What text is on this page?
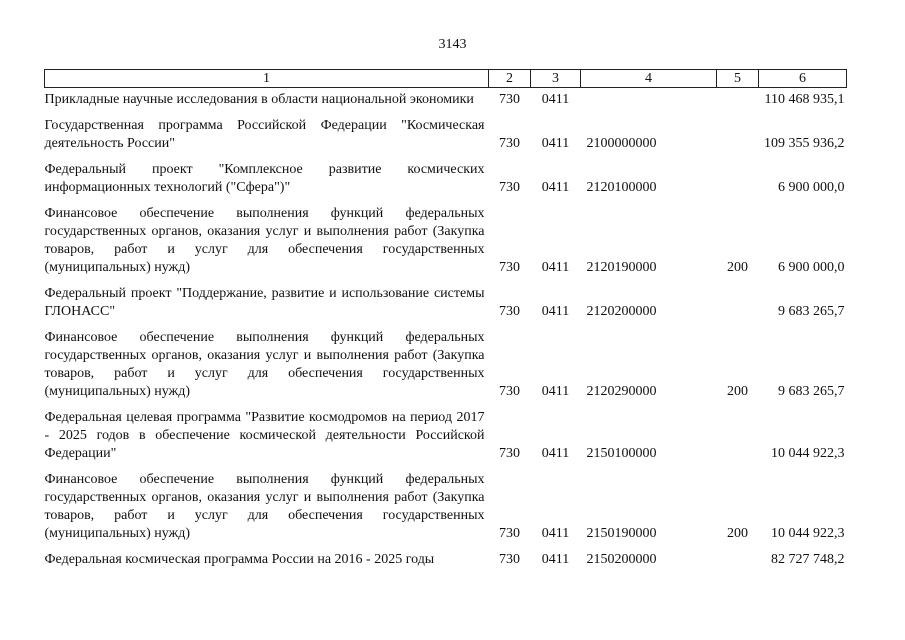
3143
1	2	3	4	5	6
Прикладные научные исследования в области национальной экономики	730	0411			110 468 935,1
Государственная программа Российской Федерации "Космическая деятельность России"	730	0411	2100000000		109 355 936,2
Федеральный проект "Комплексное развитие космических информационных технологий ("Сфера")"	730	0411	2120100000		6 900 000,0
Финансовое обеспечение выполнения функций федеральных государственных органов, оказания услуг и выполнения работ (Закупка товаров, работ и услуг для обеспечения государственных (муниципальных) нужд)	730	0411	2120190000	200	6 900 000,0
Федеральный проект "Поддержание, развитие и использование системы ГЛОНАСС"	730	0411	2120200000		9 683 265,7
Финансовое обеспечение выполнения функций федеральных государственных органов, оказания услуг и выполнения работ (Закупка товаров, работ и услуг для обеспечения государственных (муниципальных) нужд)	730	0411	2120290000	200	9 683 265,7
Федеральная целевая программа "Развитие космодромов на период 2017 - 2025 годов в обеспечение космической деятельности Российской Федерации"	730	0411	2150100000		10 044 922,3
Финансовое обеспечение выполнения функций федеральных государственных органов, оказания услуг и выполнения работ (Закупка товаров, работ и услуг для обеспечения государственных (муниципальных) нужд)	730	0411	2150190000	200	10 044 922,3
Федеральная космическая программа России на 2016 - 2025 годы	730	0411	2150200000		82 727 748,2
